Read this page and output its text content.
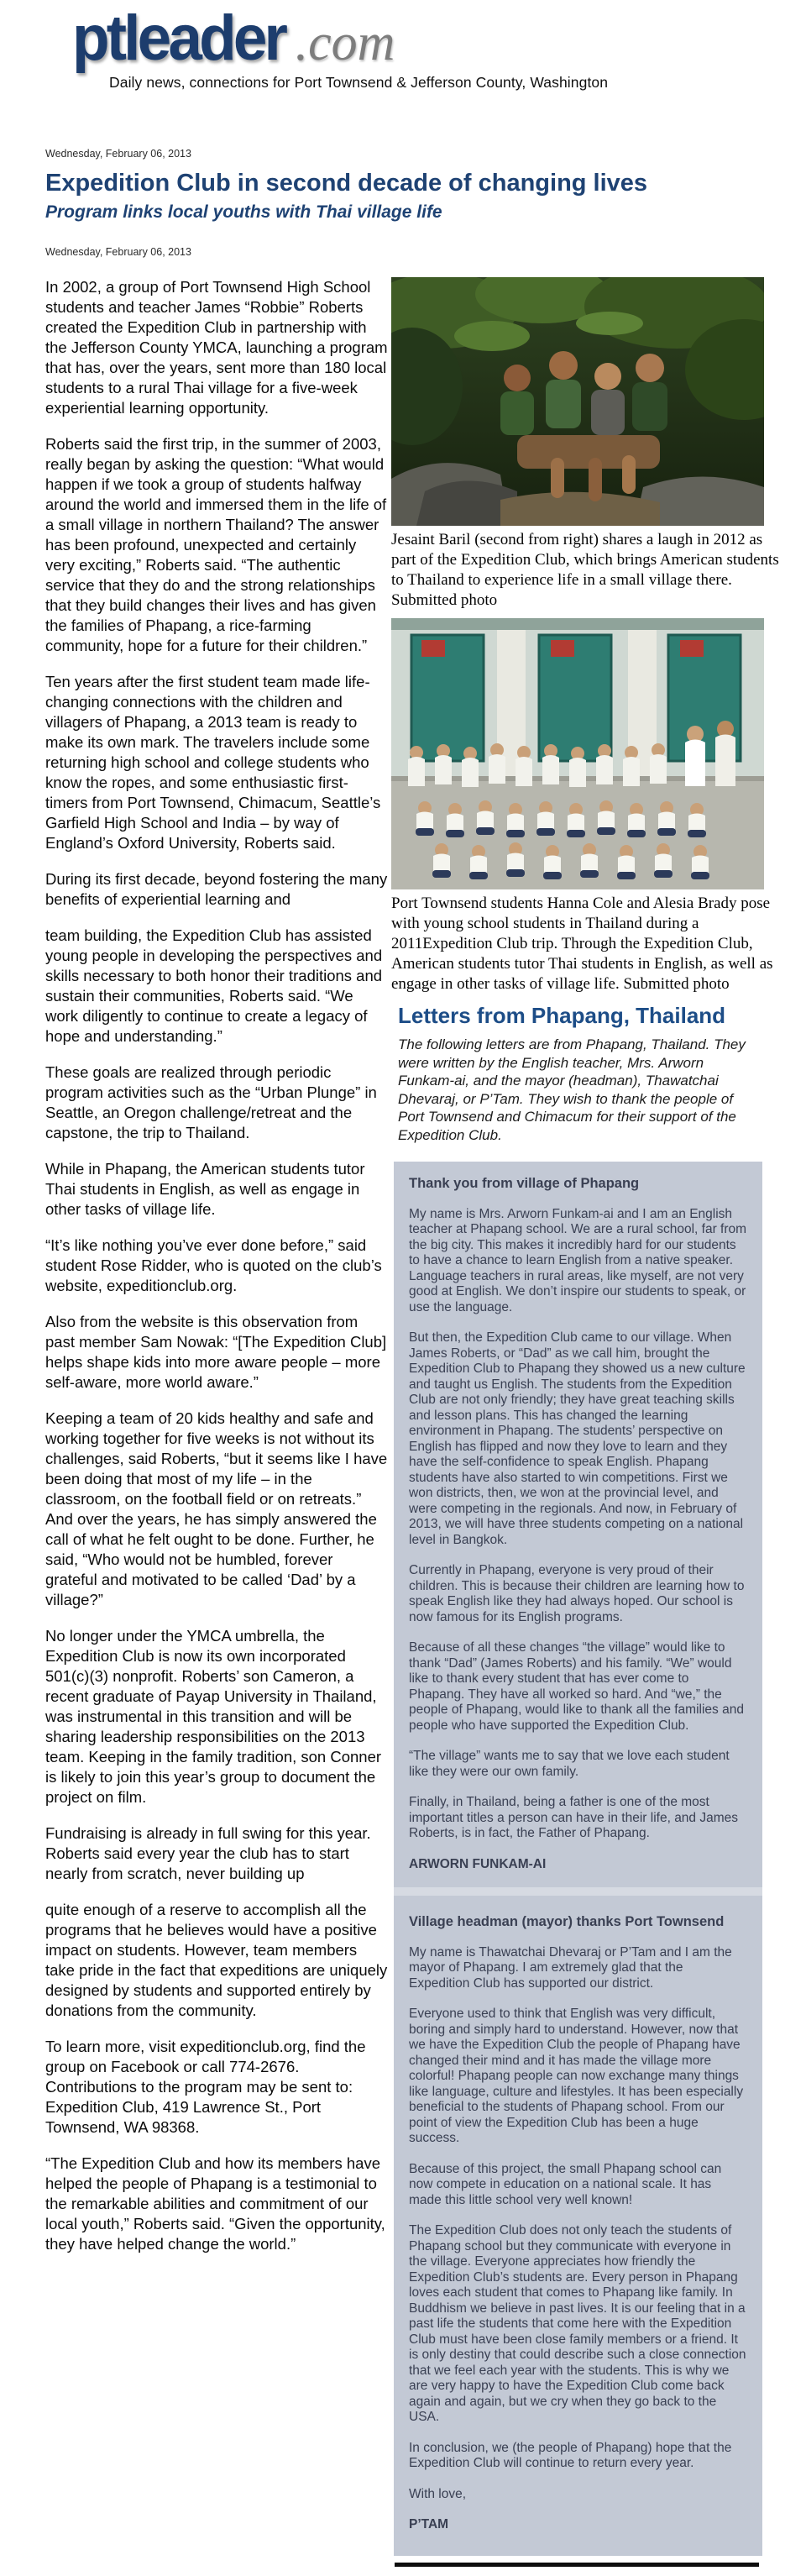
ptleader .com
Daily news, connections for Port Townsend & Jefferson County, Washington
Wednesday, February 06, 2013
Expedition Club in second decade of changing lives
Program links local youths with Thai village life
Wednesday, February 06, 2013

In 2002, a group of Port Townsend High School students and teacher James “Robbie” Roberts created the Expedition Club in partnership with the Jefferson County YMCA, launching a program that has, over the years, sent more than 180 local students to a rural Thai village for a five-week experiential learning opportunity.

Roberts said the first trip, in the summer of 2003, really began by asking the question: “What would happen if we took a group of students halfway around the world and immersed them in the life of a small village in northern Thailand? The answer has been profound, unexpected and certainly very exciting,” Roberts said. “The authentic service that they do and the strong relationships that they build changes their lives and has given the families of Phapang, a rice-farming community, hope for a future for their children.”

Ten years after the first student team made life-changing connections with the children and villagers of Phapang, a 2013 team is ready to make its own mark. The travelers include some returning high school and college students who know the ropes, and some enthusiastic first-timers from Port Townsend, Chimacum, Seattle’s Garfield High School and India – by way of England’s Oxford University, Roberts said.

During its first decade, beyond fostering the many benefits of experiential learning and

team building, the Expedition Club has assisted young people in developing the perspectives and skills necessary to both honor their traditions and sustain their communities, Roberts said. “We work diligently to continue to create a legacy of hope and understanding.”

These goals are realized through periodic program activities such as the “Urban Plunge” in Seattle, an Oregon challenge/retreat and the capstone, the trip to Thailand.

While in Phapang, the American students tutor Thai students in English, as well as engage in other tasks of village life.

“It’s like nothing you’ve ever done before,” said student Rose Ridder, who is quoted on the club’s website, expeditionclub.org.

Also from the website is this observation from past member Sam Nowak: “[The Expedition Club] helps shape kids into more aware people – more self-aware, more world aware.”

Keeping a team of 20 kids healthy and safe and working together for five weeks is not without its challenges, said Roberts, “but it seems like I have been doing that most of my life – in the classroom, on the football field or on retreats.” And over the years, he has simply answered the call of what he felt ought to be done. Further, he said, “Who would not be humbled, forever grateful and motivated to be called ‘Dad’ by a village?”

No longer under the YMCA umbrella, the Expedition Club is now its own incorporated 501(c)(3) nonprofit. Roberts’ son Cameron, a recent graduate of Payap University in Thailand, was instrumental in this transition and will be sharing leadership responsibilities on the 2013 team. Keeping in the family tradition, son Conner is likely to join this year’s group to document the project on film.

Fundraising is already in full swing for this year. Roberts said every year the club has to start nearly from scratch, never building up

quite enough of a reserve to accomplish all the programs that he believes would have a positive impact on students. However, team members take pride in the fact that expeditions are uniquely designed by students and supported entirely by donations from the community.

To learn more, visit expeditionclub.org, find the group on Facebook or call 774-2676. Contributions to the program may be sent to: Expedition Club, 419 Lawrence St., Port Townsend, WA 98368.

“The Expedition Club and how its members have helped the people of Phapang is a testimonial to the remarkable abilities and commitment of our local youth,” Roberts said. “Given the opportunity, they have helped change the world.”

Jesaint Baril (second from right) shares a laugh in 2012 as part of the Expedition Club, which brings American students to Thailand to experience life in a small village there. Submitted photo
Port Townsend students Hanna Cole and Alesia Brady pose with young school students in Thailand during a 2011Expedition Club trip. Through the Expedition Club, American students tutor Thai students in English, as well as engage in other tasks of village life. Submitted photo
Letters from Phapang, Thailand

The following letters are from Phapang, Thailand. They were written by the English teacher, Mrs. Arworn Funkam-ai, and the mayor (headman), Thawatchai Dhevaraj, or P’Tam. They wish to thank the people of Port Townsend and Chimacum for their support of the Expedition Club.

Thank you from village of Phapang

My name is Mrs. Arworn Funkam-ai and I am an English teacher at Phapang school. We are a rural school, far from the big city. This makes it incredibly hard for our students to have a chance to learn English from a native speaker. Language teachers in rural areas, like myself, are not very good at English. We don’t inspire our students to speak, or use the language.

But then, the Expedition Club came to our village. When James Roberts, or “Dad” as we call him, brought the Expedition Club to Phapang they showed us a new culture and taught us English. The students from the Expedition Club are not only friendly; they have great teaching skills and lesson plans. This has changed the learning environment in Phapang. The students’ perspective on English has flipped and now they love to learn and they have the self-confidence to speak English. Phapang students have also started to win competitions. First we won districts, then, we won at the provincial level, and were competing in the regionals. And now, in February of 2013, we will have three students competing on a national level in Bangkok.

Currently in Phapang, everyone is very proud of their children. This is because their children are learning how to speak English like they had always hoped. Our school is now famous for its English programs.

Because of all these changes “the village” would like to thank “Dad” (James Roberts) and his family. “We” would like to thank every student that has ever come to Phapang. They have all worked so hard. And “we,” the people of Phapang, would like to thank all the families and people who have supported the Expedition Club.

“The village” wants me to say that we love each student like they were our own family.

Finally, in Thailand, being a father is one of the most important titles a person can have in their life, and James Roberts, is in fact, the Father of Phapang.

ARWORN FUNKAM-AI

Village headman (mayor) thanks Port Townsend

My name is Thawatchai Dhevaraj or P’Tam and I am the mayor of Phapang. I am extremely glad that the Expedition Club has supported our district.

Everyone used to think that English was very difficult, boring and simply hard to understand. However, now that we have the Expedition Club the people of Phapang have changed their mind and it has made the village more colorful! Phapang people can now exchange many things like language, culture and lifestyles. It has been especially beneficial to the students of Phapang school. From our point of view the Expedition Club has been a huge success.

Because of this project, the small Phapang school can now compete in education on a national scale. It has made this little school very well known!

The Expedition Club does not only teach the students of Phapang school but they communicate with everyone in the village. Everyone appreciates how friendly the Expedition Club’s students are. Every person in Phapang loves each student that comes to Phapang like family. In Buddhism we believe in past lives. It is our feeling that in a past life the students that come here with the Expedition Club must have been close family members or a friend. It is only destiny that could describe such a close connection that we feel each year with the students. This is why we are very happy to have the Expedition Club come back again and again, but we cry when they go back to the USA.

In conclusion, we (the people of Phapang) hope that the Expedition Club will continue to return every year.

With love,

P’TAM
